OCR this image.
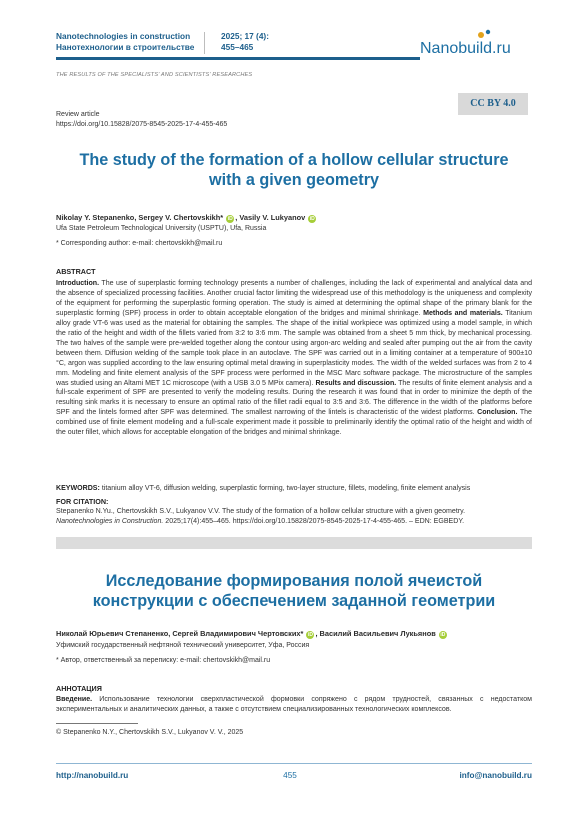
Nanotechnologies in construction
Нанотехнологии в строительстве
2025; 17 (4):
455–465	Nanobuild.ru
THE RESULTS OF THE SPECIALISTS' AND SCIENTISTS' RESEARCHES
Review article
https://doi.org/10.15828/2075-8545-2025-17-4-455-465
CC BY 4.0
The study of the formation of a hollow cellular structure
with a given geometry
Nikolay Y. Stepanenko, Sergey V. Chertovskikh* iD , Vasily V. Lukyanov iD
Ufa State Petroleum Technological University (USPTU), Ufa, Russia
* Corresponding author: e-mail: chertovskikh@mail.ru
ABSTRACT
Introduction. The use of superplastic forming technology presents a number of challenges, including the lack of experimental and analytical data and the absence of specialized processing facilities. Another crucial factor limiting the widespread use of this methodology is the uniqueness and complexity of the equipment for performing the superplastic forming operation. The study is aimed at determining the optimal shape of the primary blank for the superplastic forming (SPF) process in order to obtain acceptable elongation of the bridges and minimal shrinkage. Methods and materials. Titanium alloy grade VT-6 was used as the material for obtaining the samples. The shape of the initial workpiece was optimized using a model sample, in which the ratio of the height and width of the fillets varied from 3:2 to 3:6 mm. The sample was obtained from a sheet 5 mm thick, by mechanical processing. The two halves of the sample were pre-welded together along the contour using argon-arc welding and sealed after pumping out the air from the cavity between them. Diffusion welding of the sample took place in an autoclave. The SPF was carried out in a limiting container at a temperature of 900±10 °C, argon was supplied according to the law ensuring optimal metal drawing in superplasticity modes. The width of the welded surfaces was from 2 to 4 mm. Modeling and finite element analysis of the SPF process were performed in the MSC Marc software package. The microstructure of the samples was studied using an Altami MET 1C microscope (with a USB 3.0 5 MPix camera). Results and discussion. The results of finite element analysis and a full-scale experiment of SPF are presented to verify the modeling results. During the research it was found that in order to minimize the depth of the resulting sink marks it is necessary to ensure an optimal ratio of the fillet radii equal to 3:5 and 3:6. The difference in the width of the platforms before SPF and the lintels formed after SPF was determined. The smallest narrowing of the lintels is characteristic of the widest platforms. Conclusion. The combined use of finite element modeling and a full-scale experiment made it possible to preliminarily identify the optimal ratio of the height and width of the outer fillet, which allows for acceptable elongation of the bridges and minimal shrinkage.
KEYWORDS: titanium alloy VT-6, diffusion welding, superplastic forming, two-layer structure, fillets, modeling, finite element analysis
FOR CITATION:
Stepanenko N.Yu., Chertovskikh S.V., Lukyanov V.V. The study of the formation of a hollow cellular structure with a given geometry.
Nanotechnologies in Construction. 2025;17(4):455–465. https://doi.org/10.15828/2075-8545-2025-17-4-455-465. – EDN: EGBEDY.
Исследование формирования полой ячеистой
конструкции с обеспечением заданной геометрии
Николай Юрьевич Степаненко, Сергей Владимирович Чертовских* iD , Василий Васильевич Лукьянов iD
Уфимский государственный нефтяной технический университет, Уфа, Россия
* Автор, ответственный за переписку: e-mail: chertovskikh@mail.ru
АННОТАЦИЯ
Введение. Использование технологии сверхпластической формовки сопряжено с рядом трудностей, связанных с недостатком экспериментальных и аналитических данных, а также с отсутствием специализированных технологических комплексов.
© Stepanenko N.Y., Chertovskikh S.V., Lukyanov V. V., 2025
http://nanobuild.ru	455	info@nanobuild.ru
